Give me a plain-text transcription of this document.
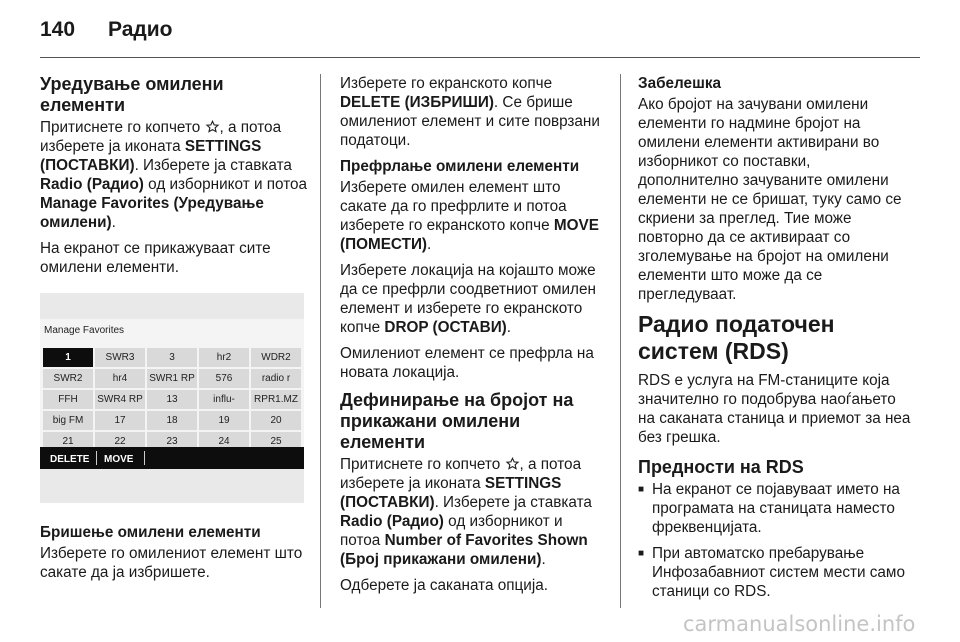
140 Радио
Уредување омилени елементи

Притиснете го копчето , а потоа изберете ја иконата SETTINGS (ПОСТАВКИ). Изберете ја ставката Radio (Радио) од изборникот и потоа Manage Favorites (Уредување омилени).

На екранот се прикажуваат сите омилени елементи.

Manage Favorites
1	SWR3	3	hr2	WDR2
SWR2	hr4	SWR1 RP	576	radio r
FFH	SWR4 RP	13	influ-	RPR1.MZ
big FM	17	18	19	20
21	22	23	24	25
DELETE MOVE
Бришење омилени елементи

Изберете го омилениот елемент што сакате да ја избришете.

Изберете го екранското копче DELETE (ИЗБРИШИ). Се брише омилениот елемент и сите поврзани податоци.

Префрлање омилени елементи

Изберете омилен елемент што сакате да го префрлите и потоа изберете го екранското копче MOVE (ПОМЕСТИ).

Изберете локација на којашто може да се префрли соодветниот омилен елемент и изберете го екранското копче DROP (ОСТАВИ).

Омилениот елемент се префрла на новата локација.

Дефинирање на бројот на прикажани омилени елементи

Притиснете го копчето , а потоа изберете ја иконата SETTINGS (ПОСТАВКИ). Изберете ја ставката Radio (Радио) од изборникот и потоа Number of Favorites Shown (Број прикажани омилени).

Одберете ја саканата опција.

Забелешка

Ако бројот на зачувани омилени елементи го надмине бројот на омилени елементи активирани во изборникот со поставки, дополнително зачуваните омилени елементи не се бришат, туку само се скриени за преглед. Тие може повторно да се активираат со зголемување на бројот на омилени елементи што може да се прегледуваат.

Радио податочен систем (RDS)

RDS е услуга на FM-станиците која значително го подобрува наоѓањето на саканата станица и приемот за неа без грешка.

Предности на RDS
■ На екранот се појавуваат името на програмата на станицата наместо фреквенцијата.
■ При автоматско пребарување Инфозабавниот систем мести само станици со RDS.
carmanualsonline.info
